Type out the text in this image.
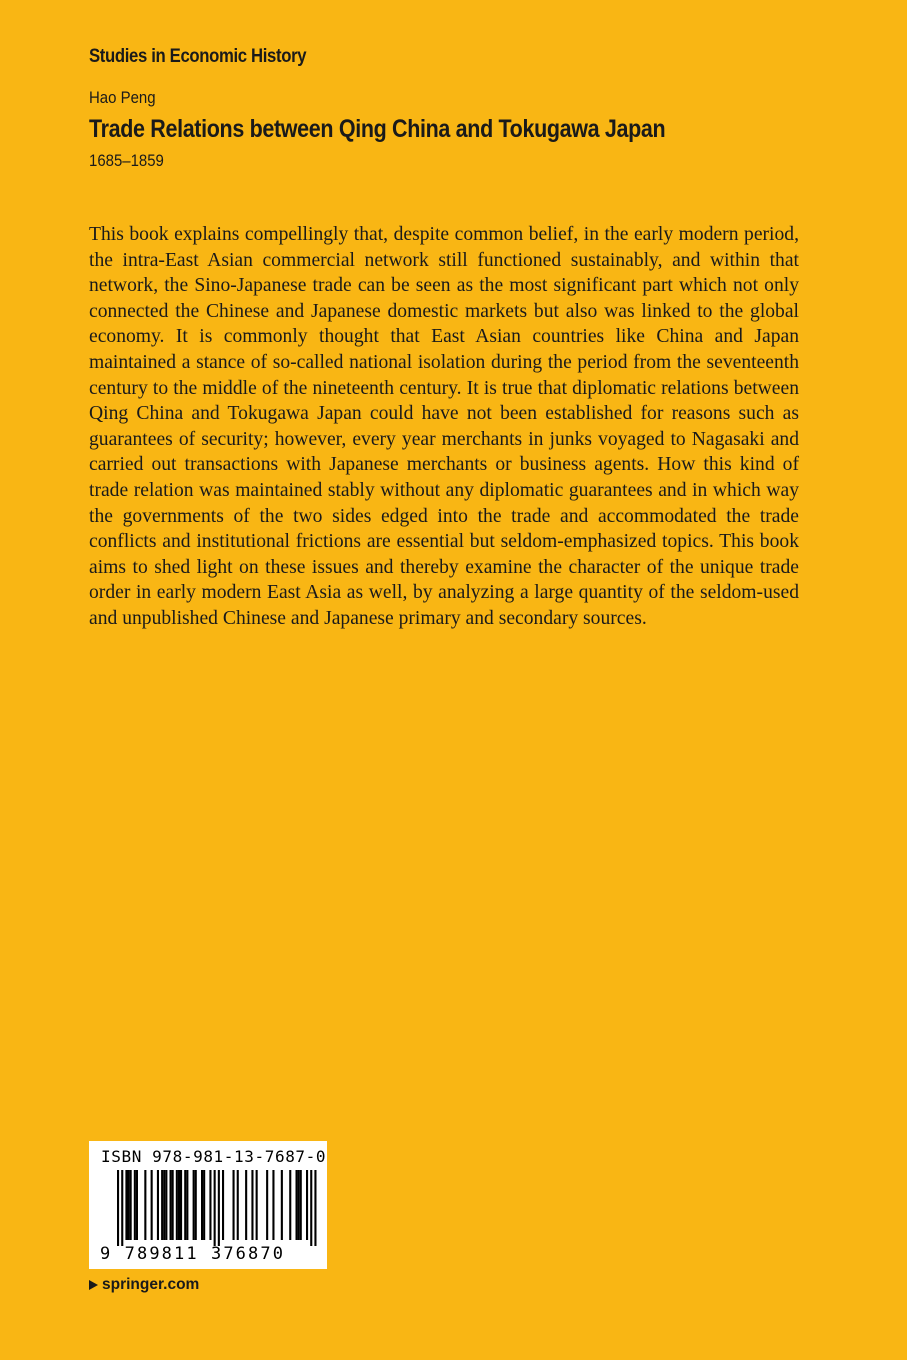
Studies in Economic History
Hao Peng
Trade Relations between Qing China and Tokugawa Japan
1685–1859

This book explains compellingly that, despite common belief, in the early modern period, the intra-East Asian commercial network still functioned sustainably, and within that network, the Sino-Japanese trade can be seen as the most significant part which not only connected the Chinese and Japanese domestic markets but also was linked to the global economy. It is commonly thought that East Asian countries like China and Japan maintained a stance of so-called national isolation during the period from the seventeenth century to the middle of the nineteenth century. It is true that diplomatic relations between Qing China and Tokugawa Japan could have not been established for reasons such as guarantees of security; however, every year merchants in junks voyaged to Nagasaki and carried out transactions with Japanese merchants or business agents. How this kind of trade relation was maintained stably without any diplomatic guarantees and in which way the governments of the two sides edged into the trade and accommodated the trade conflicts and institutional frictions are essential but seldom-emphasized topics. This book aims to shed light on these issues and thereby examine the character of the unique trade order in early modern East Asia as well, by analyzing a large quantity of the seldom-used and unpublished Chinese and Japanese primary and secondary sources.

ISBN 978-981-13-7687-0
9 789811 376870
springer.com
